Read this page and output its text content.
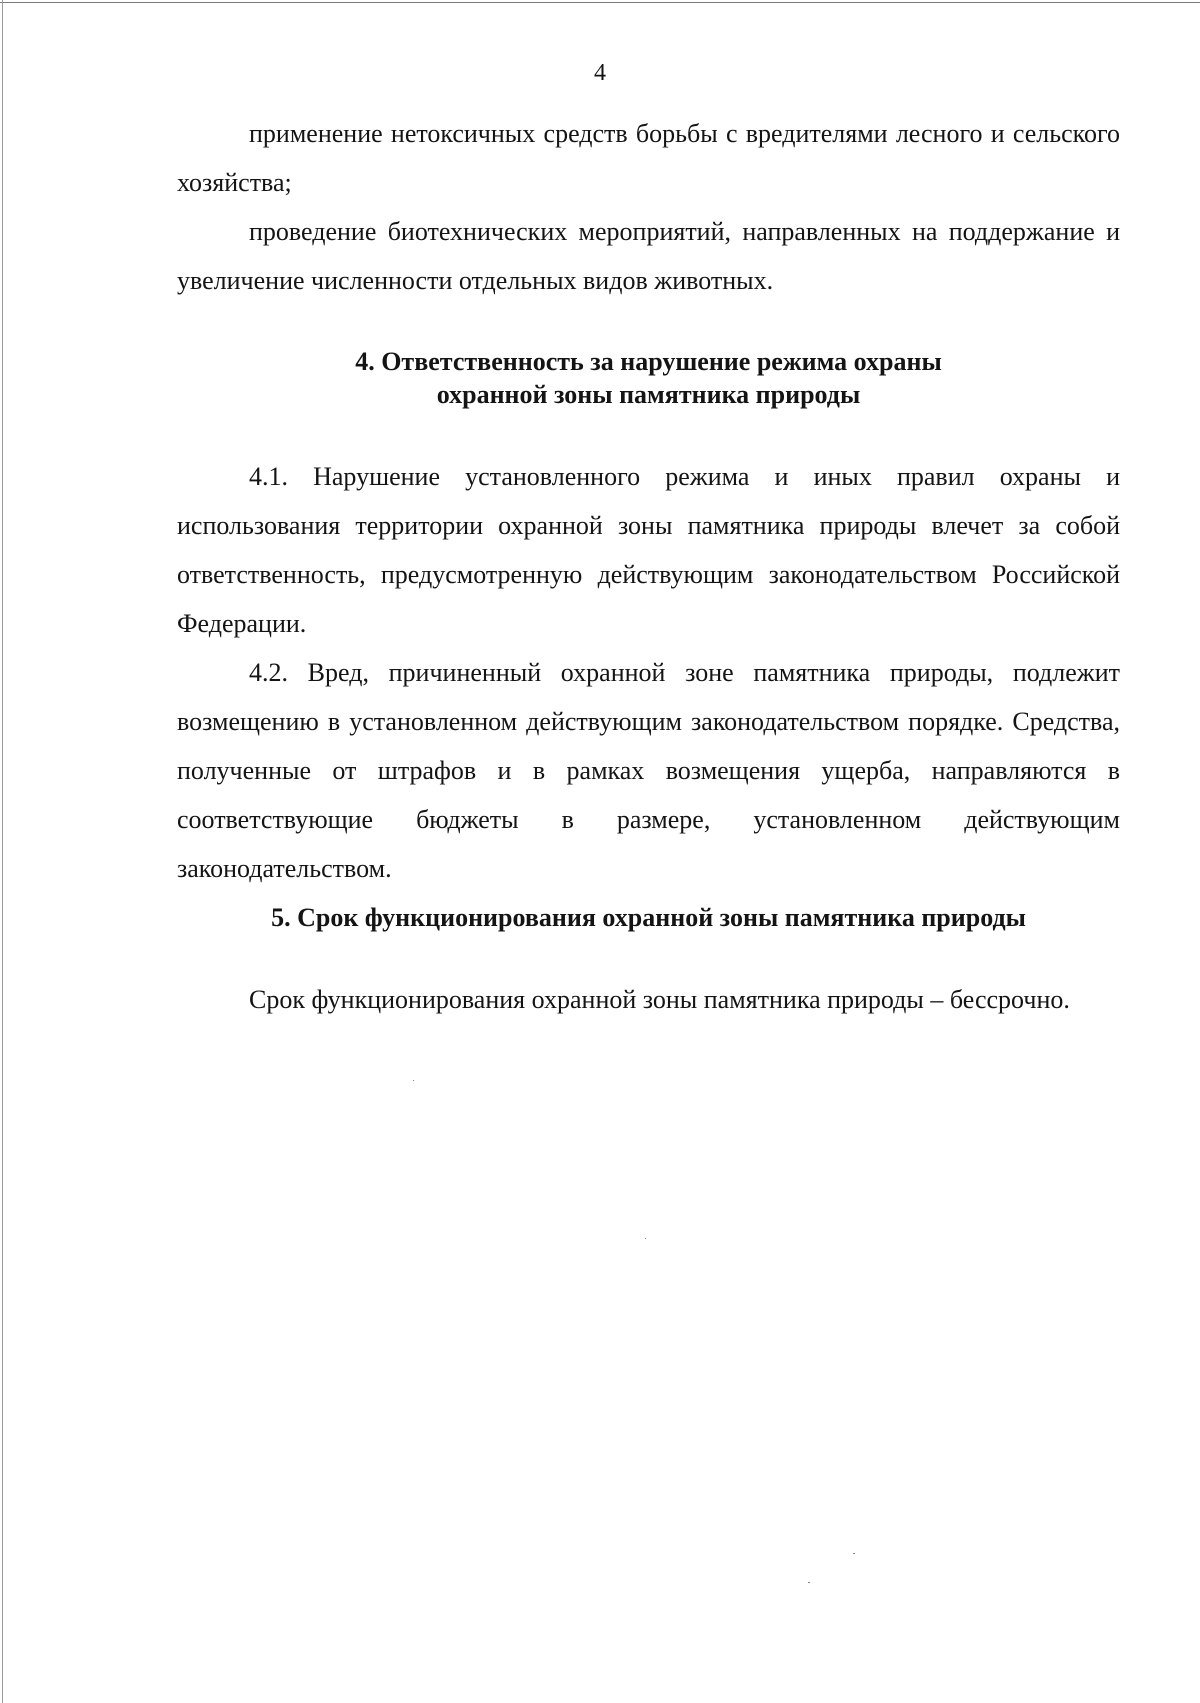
4

применение нетоксичных средств борьбы с вредителями лесного и сельского хозяйства;

проведение биотехнических мероприятий, направленных на поддержание и увеличение численности отдельных видов животных.

4. Ответственность за нарушение режима охраны
охранной зоны памятника природы

4.1. Нарушение установленного режима и иных правил охраны и использования территории охранной зоны памятника природы влечет за собой ответственность, предусмотренную действующим законодательством Российской Федерации.

4.2. Вред, причиненный охранной зоне памятника природы, подлежит возмещению в установленном действующим законодательством порядке. Средства, полученные от штрафов и в рамках возмещения ущерба, направляются в соответствующие бюджеты в размере, установленном действующим законодательством.

5. Срок функционирования охранной зоны памятника природы

Срок функционирования охранной зоны памятника природы – бессрочно.
